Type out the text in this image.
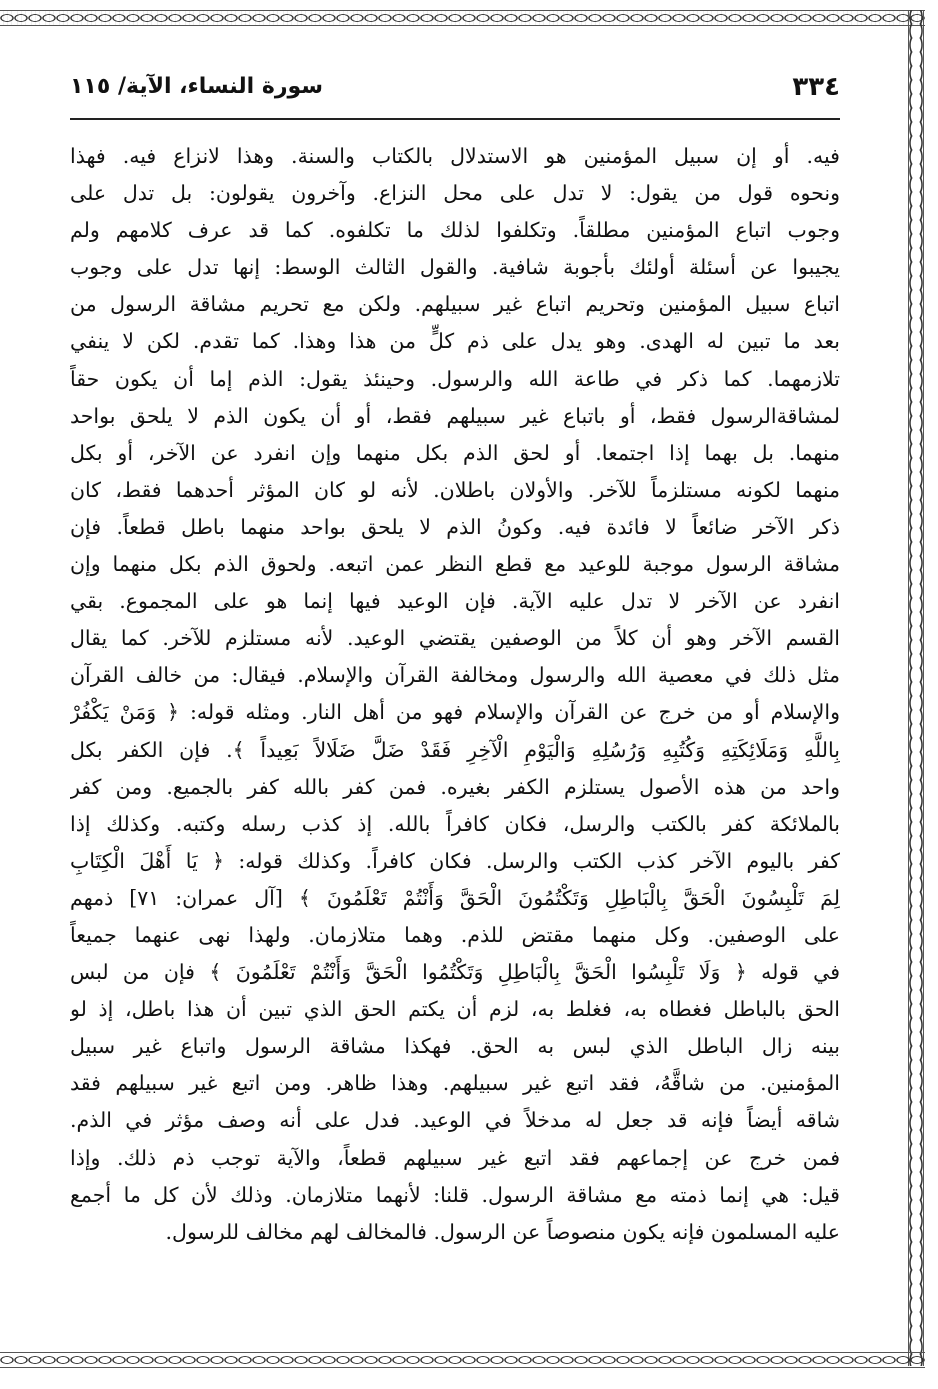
٣٣٤
سورة النساء، الآية/ ١١٥
فيه. أو إن سبيل المؤمنين هو الاستدلال بالكتاب والسنة. وهذا لانزاع فيه. فهذا
ونحوه قول من يقول: لا تدل على محل النزاع. وآخرون يقولون: بل تدل على
وجوب اتباع المؤمنين مطلقاً. وتكلفوا لذلك ما تكلفوه. كما قد عرف كلامهم ولم
يجيبوا عن أسئلة أولئك بأجوبة شافية. والقول الثالث الوسط: إنها تدل على وجوب
اتباع سبيل المؤمنين وتحريم اتباع غير سبيلهم. ولكن مع تحريم مشاقة الرسول من
بعد ما تبين له الهدى. وهو يدل على ذم كلٍّ من هذا وهذا. كما تقدم. لكن لا ينفي
تلازمهما. كما ذكر في طاعة الله والرسول. وحينئذ يقول: الذم إما أن يكون حقاً
لمشاقةالرسول فقط، أو باتباع غير سبيلهم فقط، أو أن يكون الذم لا يلحق بواحد
منهما. بل بهما إذا اجتمعا. أو لحق الذم بكل منهما وإن انفرد عن الآخر، أو بكل
منهما لكونه مستلزماً للآخر. والأولان باطلان. لأنه لو كان المؤثر أحدهما فقط، كان
ذكر الآخر ضائعاً لا فائدة فيه. وكونُ الذم لا يلحق بواحد منهما باطل قطعاً. فإن
مشاقة الرسول موجبة للوعيد مع قطع النظر عمن اتبعه. ولحوق الذم بكل منهما وإن
انفرد عن الآخر لا تدل عليه الآية. فإن الوعيد فيها إنما هو على المجموع. بقي
القسم الآخر وهو أن كلاً من الوصفين يقتضي الوعيد. لأنه مستلزم للآخر. كما يقال
مثل ذلك في معصية الله والرسول ومخالفة القرآن والإسلام. فيقال: من خالف القرآن
والإسلام أو من خرج عن القرآن والإسلام فهو من أهل النار. ومثله قوله: ﴿ وَمَنْ يَكْفُرْ
بِاللَّهِ وَمَلَائِكَتِهِ وَكُتُبِهِ وَرُسُلِهِ وَالْيَوْمِ الْآخِرِ فَقَدْ ضَلَّ ضَلَالاً بَعِيداً ﴾. فإن الكفر بكل
واحد من هذه الأصول يستلزم الكفر بغيره. فمن كفر بالله كفر بالجميع. ومن كفر
بالملائكة كفر بالكتب والرسل، فكان كافراً بالله. إذ كذب رسله وكتبه. وكذلك إذا
كفر باليوم الآخر كذب الكتب والرسل. فكان كافراً. وكذلك قوله: ﴿ يَا أَهْلَ الْكِتَابِ
لِمَ تَلْبِسُونَ الْحَقَّ بِالْبَاطِلِ وَتَكْتُمُونَ الْحَقَّ وَأَنْتُمْ تَعْلَمُونَ ﴾ [آل عمران: ٧١] ذمهم
على الوصفين. وكل منهما مقتض للذم. وهما متلازمان. ولهذا نهى عنهما جميعاً
في قوله ﴿ وَلَا تَلْبِسُوا الْحَقَّ بِالْبَاطِلِ وَتَكْتُمُوا الْحَقَّ وَأَنْتُمْ تَعْلَمُونَ ﴾ فإن من لبس
الحق بالباطل فغطاه به، فغلط به، لزم أن يكتم الحق الذي تبين أن هذا باطل، إذ لو
بينه زال الباطل الذي لبس به الحق. فهكذا مشاقة الرسول واتباع غير سبيل
المؤمنين. من شاقَّهُ، فقد اتبع غير سبيلهم. وهذا ظاهر. ومن اتبع غير سبيلهم فقد
شاقه أيضاً فإنه قد جعل له مدخلاً في الوعيد. فدل على أنه وصف مؤثر في الذم.
فمن خرج عن إجماعهم فقد اتبع غير سبيلهم قطعاً، والآية توجب ذم ذلك. وإذا
قيل: هي إنما ذمته مع مشاقة الرسول. قلنا: لأنهما متلازمان. وذلك لأن كل ما أجمع
عليه المسلمون فإنه يكون منصوصاً عن الرسول. فالمخالف لهم مخالف للرسول.
